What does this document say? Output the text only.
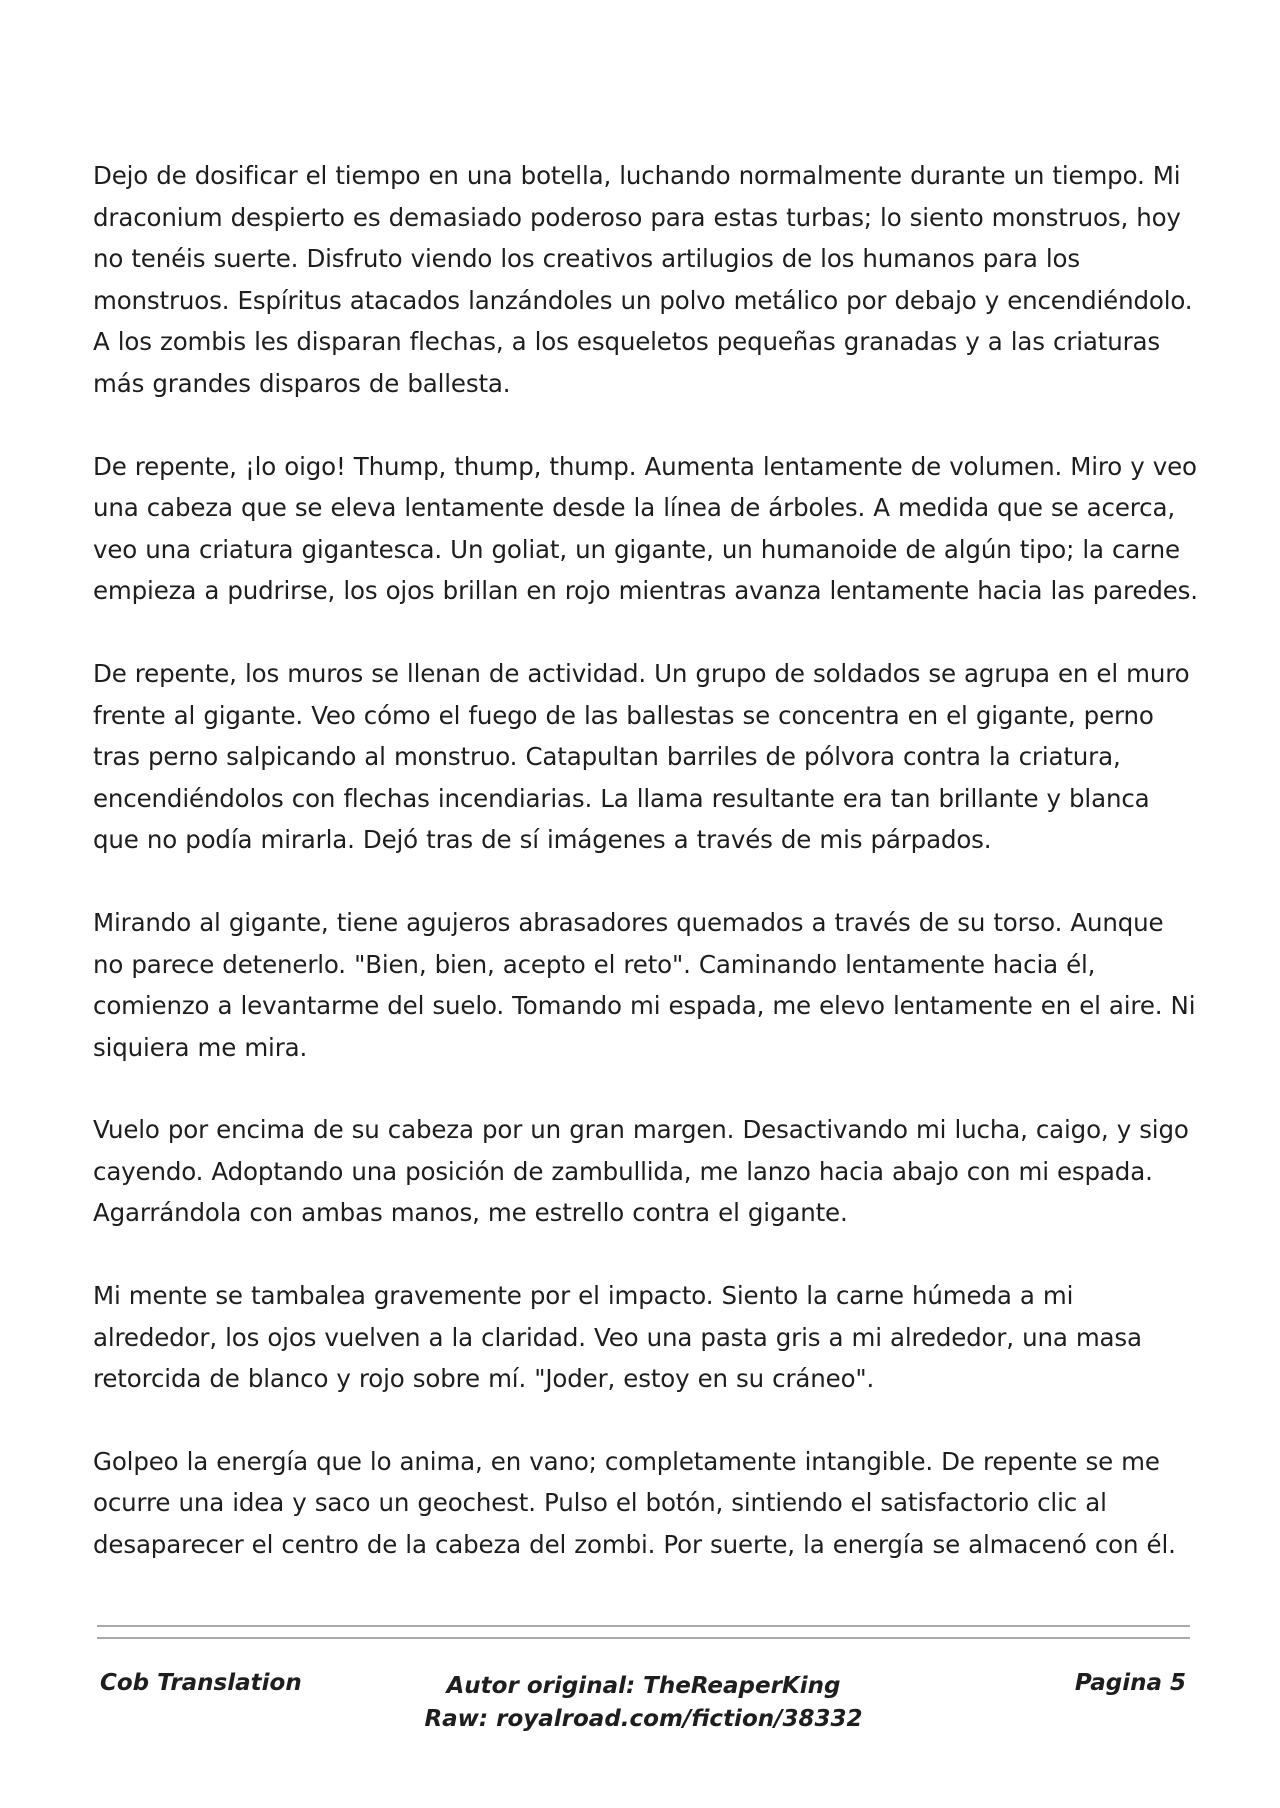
Dejo de dosificar el tiempo en una botella, luchando normalmente durante un tiempo. Mi draconium despierto es demasiado poderoso para estas turbas; lo siento monstruos, hoy no tenéis suerte. Disfruto viendo los creativos artilugios de los humanos para los monstruos. Espíritus atacados lanzándoles un polvo metálico por debajo y encendiéndolo. A los zombis les disparan flechas, a los esqueletos pequeñas granadas y a las criaturas más grandes disparos de ballesta.

De repente, ¡lo oigo! Thump, thump, thump. Aumenta lentamente de volumen. Miro y veo una cabeza que se eleva lentamente desde la línea de árboles. A medida que se acerca, veo una criatura gigantesca. Un goliat, un gigante, un humanoide de algún tipo; la carne empieza a pudrirse, los ojos brillan en rojo mientras avanza lentamente hacia las paredes.

De repente, los muros se llenan de actividad. Un grupo de soldados se agrupa en el muro frente al gigante. Veo cómo el fuego de las ballestas se concentra en el gigante, perno tras perno salpicando al monstruo. Catapultan barriles de pólvora contra la criatura, encendiéndolos con flechas incendiarias. La llama resultante era tan brillante y blanca que no podía mirarla. Dejó tras de sí imágenes a través de mis párpados.

Mirando al gigante, tiene agujeros abrasadores quemados a través de su torso. Aunque no parece detenerlo. "Bien, bien, acepto el reto". Caminando lentamente hacia él, comienzo a levantarme del suelo. Tomando mi espada, me elevo lentamente en el aire. Ni siquiera me mira.

Vuelo por encima de su cabeza por un gran margen. Desactivando mi lucha, caigo, y sigo cayendo. Adoptando una posición de zambullida, me lanzo hacia abajo con mi espada. Agarrándola con ambas manos, me estrello contra el gigante.

Mi mente se tambalea gravemente por el impacto. Siento la carne húmeda a mi alrededor, los ojos vuelven a la claridad. Veo una pasta gris a mi alrededor, una masa retorcida de blanco y rojo sobre mí. "Joder, estoy en su cráneo".

Golpeo la energía que lo anima, en vano; completamente intangible. De repente se me ocurre una idea y saco un geochest. Pulso el botón, sintiendo el satisfactorio clic al desaparecer el centro de la cabeza del zombi. Por suerte, la energía se almacenó con él.

Cob Translation	Autor original: TheReaperKing
Raw: royalroad.com/fiction/38332
Pagina 5
